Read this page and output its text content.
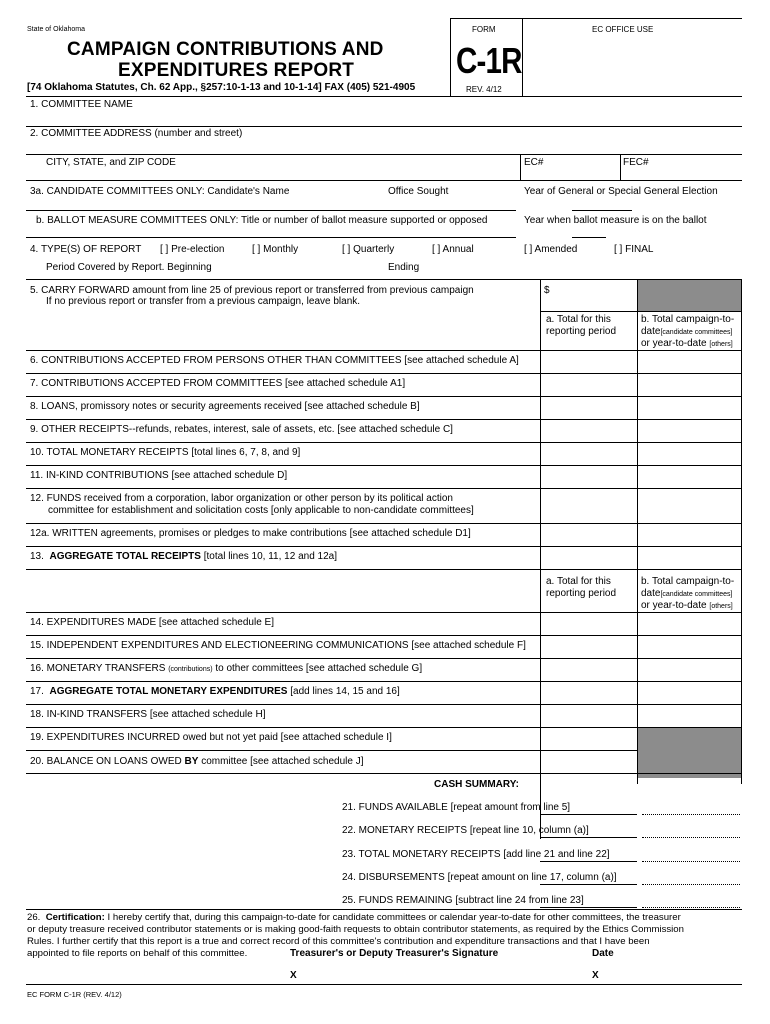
State of Oklahoma
CAMPAIGN CONTRIBUTIONS AND
EXPENDITURES REPORT
[74 Oklahoma Statutes, Ch. 62 App., §257:10-1-13 and 10-1-14] FAX (405) 521-4905
FORM	EC OFFICE USE
C-1R
REV. 4/12
1. COMMITTEE NAME
2. COMMITTEE ADDRESS (number and street)
CITY, STATE, and ZIP CODE	EC#	FEC#
3a. CANDIDATE COMMITTEES ONLY: Candidate's Name	Office Sought	Year of General or Special General Election
b. BALLOT MEASURE COMMITTEES ONLY: Title or number of ballot measure supported or opposed	Year when ballot measure is on the ballot
4. TYPE(S) OF REPORT [ ] Pre-election	[ ] Monthly	[ ] Quarterly	[ ] Annual	[ ] Amended	[ ] FINAL
Period Covered by Report. Beginning	Ending
5. CARRY FORWARD amount from line 25 of previous report or transferred from previous campaign
If no previous report or transfer from a previous campaign, leave blank.
$
a. Total for this
reporting period
b. Total campaign-to-
date[candidate committees]
or year-to-date [others]
6. CONTRIBUTIONS ACCEPTED FROM PERSONS OTHER THAN COMMITTEES [see attached schedule A]
7. CONTRIBUTIONS ACCEPTED FROM COMMITTEES [see attached schedule A1]
8. LOANS, promissory notes or security agreements received [see attached schedule B]
9. OTHER RECEIPTS--refunds, rebates, interest, sale of assets, etc. [see attached schedule C]
10. TOTAL MONETARY RECEIPTS [total lines 6, 7, 8, and 9]
11. IN-KIND CONTRIBUTIONS [see attached schedule D]
12. FUNDS received from a corporation, labor organization or other person by its political action
committee for establishment and solicitation costs [only applicable to non-candidate committees]
12a. WRITTEN agreements, promises or pledges to make contributions [see attached schedule D1]
13. AGGREGATE TOTAL RECEIPTS [total lines 10, 11, 12 and 12a]
a. Total for this
reporting period
b. Total campaign-to-
date[candidate committees]
or year-to-date [others]
14. EXPENDITURES MADE [see attached schedule E]
15. INDEPENDENT EXPENDITURES AND ELECTIONEERING COMMUNICATIONS [see attached schedule F]
16. MONETARY TRANSFERS (contributions) to other committees [see attached schedule G]
17. AGGREGATE TOTAL MONETARY EXPENDITURES [add lines 14, 15 and 16]
18. IN-KIND TRANSFERS [see attached schedule H]
19. EXPENDITURES INCURRED owed but not yet paid [see attached schedule I]
20. BALANCE ON LOANS OWED BY committee [see attached schedule J]
CASH SUMMARY:
21. FUNDS AVAILABLE [repeat amount from line 5]
22. MONETARY RECEIPTS [repeat line 10, column (a)]
23. TOTAL MONETARY RECEIPTS [add line 21 and line 22]
24. DISBURSEMENTS [repeat amount on line 17, column (a)]
25. FUNDS REMAINING [subtract line 24 from line 23]
26. Certification: I hereby certify that, during this campaign-to-date for candidate committees or calendar year-to-date for other committees, the treasurer
or deputy treasure received contributor statements or is making good-faith requests to obtain contributor statements, as required by the Ethics Commission
Rules. I further certify that this report is a true and correct record of this committee's contribution and expenditure transactions and that I have been
appointed to file reports on behalf of this committee.	Treasurer's or Deputy Treasurer's Signature	Date
X	X
EC FORM C-1R (REV. 4/12)
